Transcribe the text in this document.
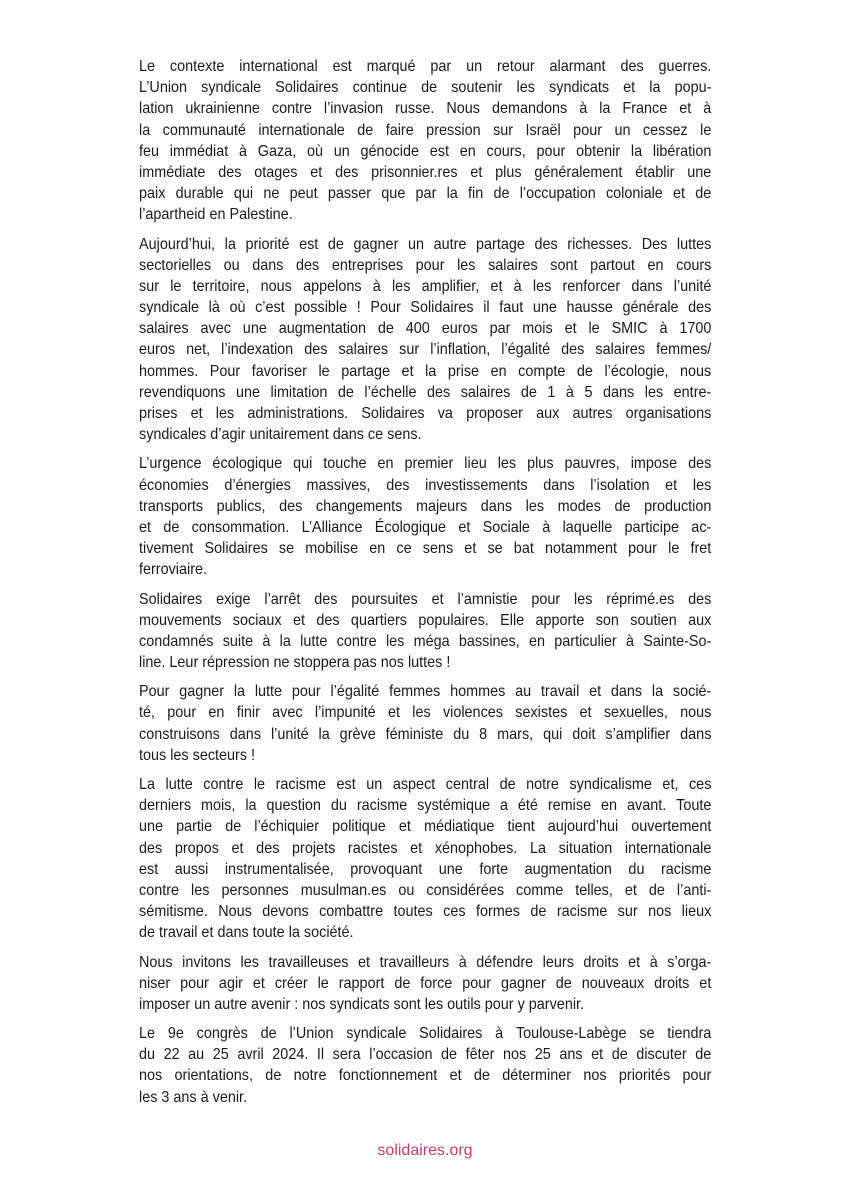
Le contexte international est marqué par un retour alarmant des guerres.
L’Union syndicale Solidaires continue de soutenir les syndicats et la popu-
lation ukrainienne contre l’invasion russe. Nous demandons à la France et à
la communauté internationale de faire pression sur Israël pour un cessez le
feu immédiat à Gaza, où un génocide est en cours, pour obtenir la libération
immédiate des otages et des prisonnier.res et plus généralement établir une
paix durable qui ne peut passer que par la fin de l’occupation coloniale et de
l’apartheid en Palestine.
Aujourd’hui, la priorité est de gagner un autre partage des richesses. Des luttes
sectorielles ou dans des entreprises pour les salaires sont partout en cours
sur le territoire, nous appelons à les amplifier, et à les renforcer dans l’unité
syndicale là où c’est possible ! Pour Solidaires il faut une hausse générale des
salaires avec une augmentation de 400 euros par mois et le SMIC à 1700
euros net, l’indexation des salaires sur l’inflation, l’égalité des salaires femmes/
hommes. Pour favoriser le partage et la prise en compte de l’écologie, nous
revendiquons une limitation de l’échelle des salaires de 1 à 5 dans les entre-
prises et les administrations. Solidaires va proposer aux autres organisations
syndicales d’agir unitairement dans ce sens.
L’urgence écologique qui touche en premier lieu les plus pauvres, impose des
économies d’énergies massives, des investissements dans l’isolation et les
transports publics, des changements majeurs dans les modes de production
et de consommation. L’Alliance Écologique et Sociale à laquelle participe ac-
tivement Solidaires se mobilise en ce sens et se bat notamment pour le fret
ferroviaire.
Solidaires exige l’arrêt des poursuites et l’amnistie pour les réprimé.es des
mouvements sociaux et des quartiers populaires. Elle apporte son soutien aux
condamnés suite à la lutte contre les méga bassines, en particulier à Sainte-So-
line. Leur répression ne stoppera pas nos luttes !
Pour gagner la lutte pour l’égalité femmes hommes au travail et dans la socié-
té, pour en finir avec l’impunité et les violences sexistes et sexuelles, nous
construisons dans l’unité la grève féministe du 8 mars, qui doit s’amplifier dans
tous les secteurs !
La lutte contre le racisme est un aspect central de notre syndicalisme et, ces
derniers mois, la question du racisme systémique a été remise en avant. Toute
une partie de l’échiquier politique et médiatique tient aujourd’hui ouvertement
des propos et des projets racistes et xénophobes. La situation internationale
est aussi instrumentalisée, provoquant une forte augmentation du racisme
contre les personnes musulman.es ou considérées comme telles, et de l’anti-
sémitisme. Nous devons combattre toutes ces formes de racisme sur nos lieux
de travail et dans toute la société.
Nous invitons les travailleuses et travailleurs à défendre leurs droits et à s’orga-
niser pour agir et créer le rapport de force pour gagner de nouveaux droits et
imposer un autre avenir : nos syndicats sont les outils pour y parvenir.
Le 9e congrès de l’Union syndicale Solidaires à Toulouse-Labège se tiendra
du 22 au 25 avril 2024. Il sera l’occasion de fêter nos 25 ans et de discuter de
nos orientations, de notre fonctionnement et de déterminer nos priorités pour
les 3 ans à venir.
solidaires.org
